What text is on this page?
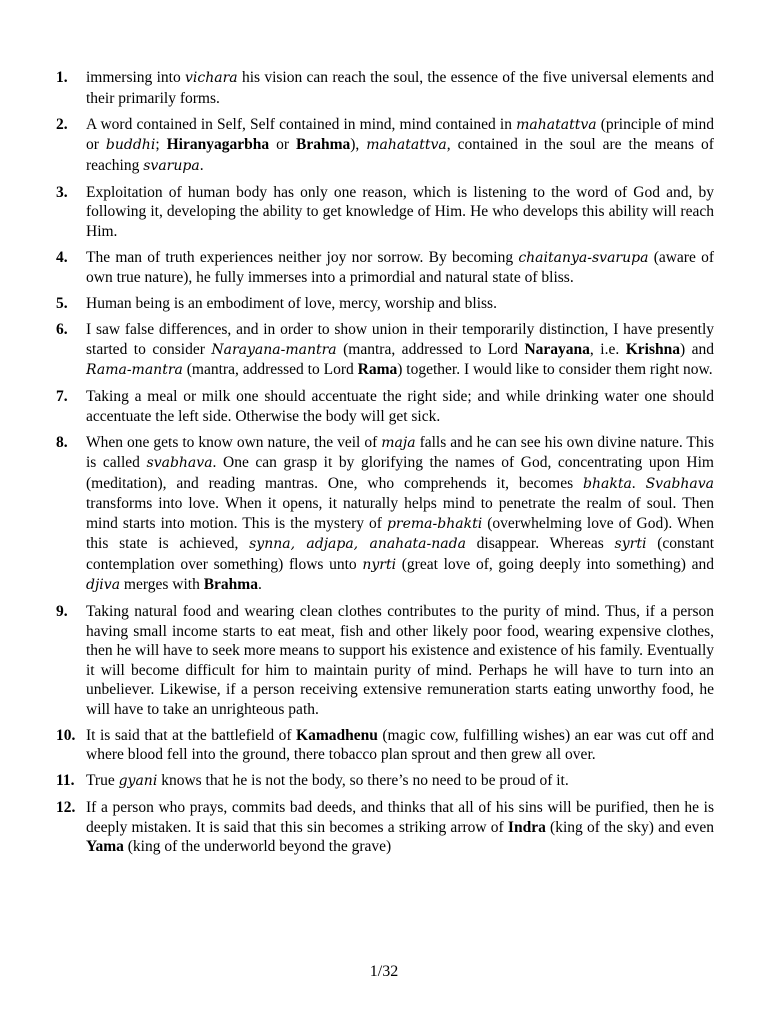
1. immersing into vichara his vision can reach the soul, the essence of the five universal elements and their primarily forms.
2. A word contained in Self, Self contained in mind, mind contained in mahatattva (principle of mind or buddhi; Hiranyagarbha or Brahma), mahatattva, contained in the soul are the means of reaching svarupa.
3. Exploitation of human body has only one reason, which is listening to the word of God and, by following it, developing the ability to get knowledge of Him. He who develops this ability will reach Him.
4. The man of truth experiences neither joy nor sorrow. By becoming chaitanya-svarupa (aware of own true nature), he fully immerses into a primordial and natural state of bliss.
5. Human being is an embodiment of love, mercy, worship and bliss.
6. I saw false differences, and in order to show union in their temporarily distinction, I have presently started to consider Narayana-mantra (mantra, addressed to Lord Narayana, i.e. Krishna) and Rama-mantra (mantra, addressed to Lord Rama) together. I would like to consider them right now.
7. Taking a meal or milk one should accentuate the right side; and while drinking water one should accentuate the left side. Otherwise the body will get sick.
8. When one gets to know own nature, the veil of maja falls and he can see his own divine nature. This is called svabhava. One can grasp it by glorifying the names of God, concentrating upon Him (meditation), and reading mantras. One, who comprehends it, becomes bhakta. Svabhava transforms into love. When it opens, it naturally helps mind to penetrate the realm of soul. Then mind starts into motion. This is the mystery of prema-bhakti (overwhelming love of God). When this state is achieved, synna, adjapa, anahata-nada disappear. Whereas syrti (constant contemplation over something) flows unto nyrti (great love of, going deeply into something) and djiva merges with Brahma.
9. Taking natural food and wearing clean clothes contributes to the purity of mind. Thus, if a person having small income starts to eat meat, fish and other likely poor food, wearing expensive clothes, then he will have to seek more means to support his existence and existence of his family. Eventually it will become difficult for him to maintain purity of mind. Perhaps he will have to turn into an unbeliever. Likewise, if a person receiving extensive remuneration starts eating unworthy food, he will have to take an unrighteous path.
10. It is said that at the battlefield of Kamadhenu (magic cow, fulfilling wishes) an ear was cut off and where blood fell into the ground, there tobacco plan sprout and then grew all over.
11. True gyani knows that he is not the body, so there’s no need to be proud of it.
12. If a person who prays, commits bad deeds, and thinks that all of his sins will be purified, then he is deeply mistaken. It is said that this sin becomes a striking arrow of Indra (king of the sky) and even Yama (king of the underworld beyond the grave)
1/32
